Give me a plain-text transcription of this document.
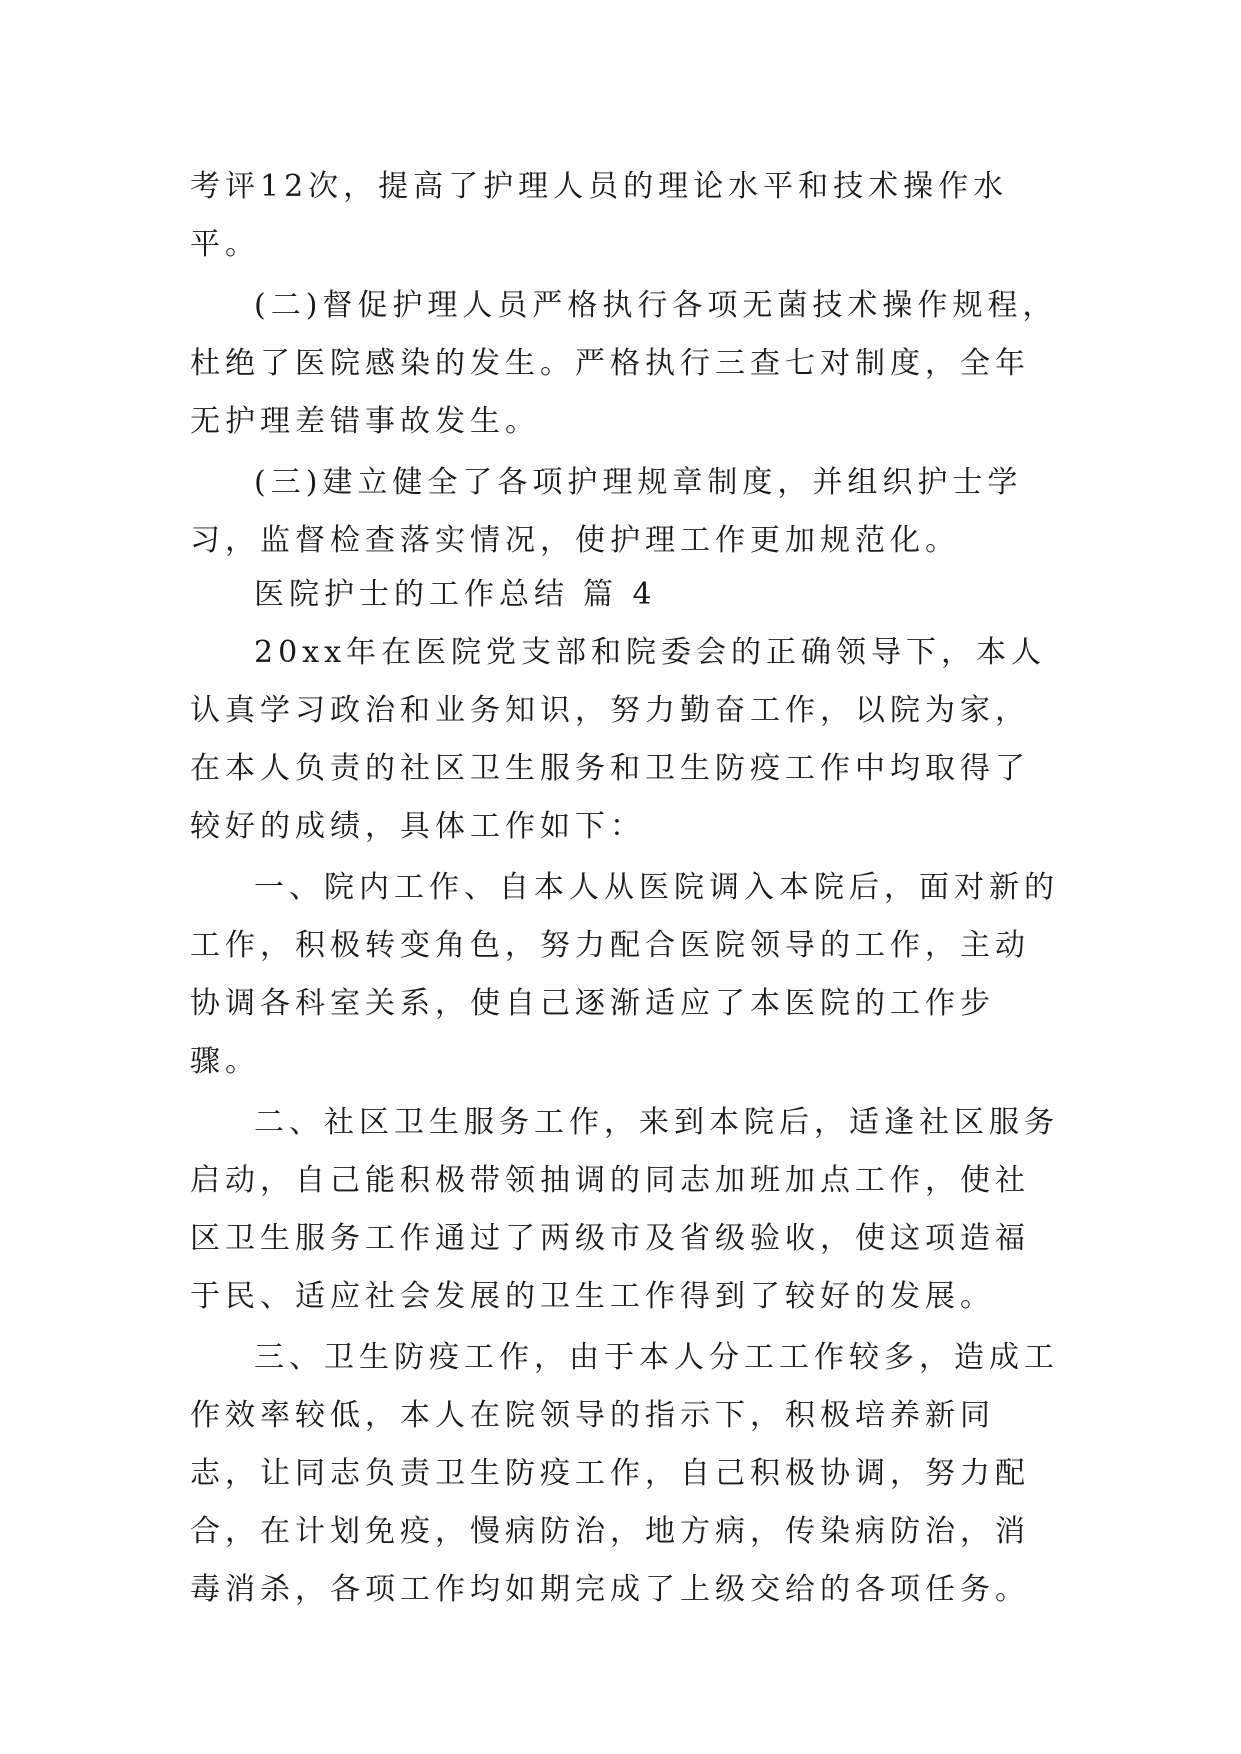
考评12次，提高了护理人员的理论水平和技术操作水平。

(二)督促护理人员严格执行各项无菌技术操作规程，杜绝了医院感染的发生。严格执行三查七对制度，全年无护理差错事故发生。

(三)建立健全了各项护理规章制度，并组织护士学习，监督检查落实情况，使护理工作更加规范化。

医院护士的工作总结 篇 4

20xx年在医院党支部和院委会的正确领导下，本人认真学习政治和业务知识，努力勤奋工作，以院为家，在本人负责的社区卫生服务和卫生防疫工作中均取得了较好的成绩，具体工作如下：

一、院内工作、自本人从医院调入本院后，面对新的工作，积极转变角色，努力配合医院领导的工作，主动协调各科室关系，使自己逐渐适应了本医院的工作步骤。

二、社区卫生服务工作，来到本院后，适逢社区服务启动，自己能积极带领抽调的同志加班加点工作，使社区卫生服务工作通过了两级市及省级验收，使这项造福于民、适应社会发展的卫生工作得到了较好的发展。

三、卫生防疫工作，由于本人分工工作较多，造成工作效率较低，本人在院领导的指示下，积极培养新同志，让同志负责卫生防疫工作，自己积极协调，努力配合，在计划免疫，慢病防治，地方病，传染病防治，消毒消杀，各项工作均如期完成了上级交给的各项任务。
